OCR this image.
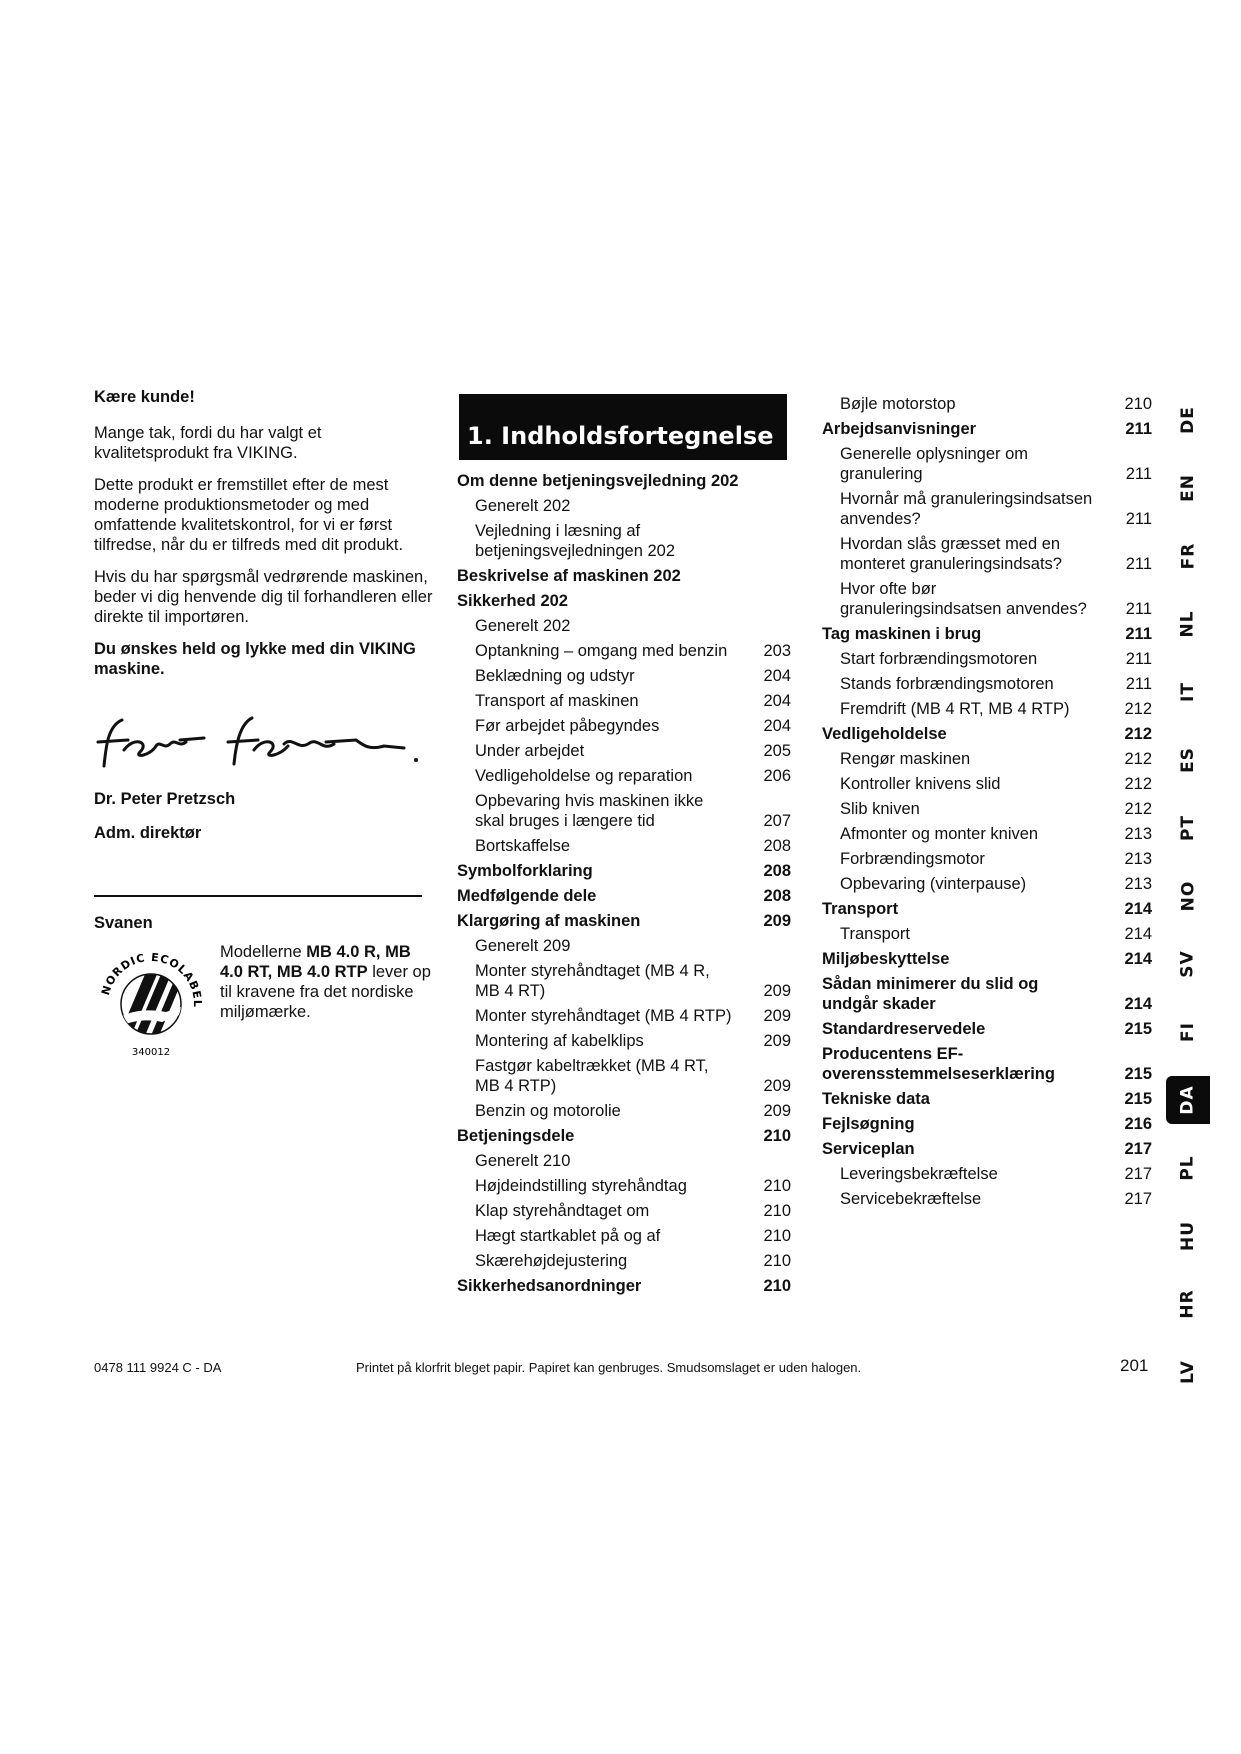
Kære kunde!

Mange tak, fordi du har valgt et kvalitetsprodukt fra VIKING.

Dette produkt er fremstillet efter de mest moderne produktionsmetoder og med omfattende kvalitetskontrol, for vi er først tilfredse, når du er tilfreds med dit produkt.

Hvis du har spørgsmål vedrørende maskinen, beder vi dig henvende dig til forhandleren eller direkte til importøren.

Du ønskes held og lykke med din VIKING maskine.

Dr. Peter Pretzsch
Adm. direktør
Svanen
NORDIC ECOLABEL
340012
Modellerne MB 4.0 R, MB 4.0 RT, MB 4.0 RTP lever op til kravene fra det nordiske miljømærke.
1. Indholdsfortegnelse
Om denne betjeningsvejledning 202
Generelt 202
Vejledning i læsning af
betjeningsvejledningen 202
Beskrivelse af maskinen 202
Sikkerhed 202
Generelt 202
Optankning – omgang med benzin	203
Beklædning og udstyr	204
Transport af maskinen	204
Før arbejdet påbegyndes	204
Under arbejdet	205
Vedligeholdelse og reparation	206
Opbevaring hvis maskinen ikke
skal bruges i længere tid	207
Bortskaffelse	208
Symbolforklaring	208
Medfølgende dele	208
Klargøring af maskinen	209
Generelt 209
Monter styrehåndtaget (MB 4 R,
MB 4 RT)	209
Monter styrehåndtaget (MB 4 RTP)	209
Montering af kabelklips	209
Fastgør kabeltrækket (MB 4 RT,
MB 4 RTP)	209
Benzin og motorolie	209
Betjeningsdele	210
Generelt 210
Højdeindstilling styrehåndtag	210
Klap styrehåndtaget om	210
Hægt startkablet på og af	210
Skærehøjdejustering	210
Sikkerhedsanordninger	210
Bøjle motorstop	210
Arbejdsanvisninger	211
Generelle oplysninger om
granulering	211
Hvornår må granuleringsindsatsen
anvendes?	211
Hvordan slås græsset med en
monteret granuleringsindsats?	211
Hvor ofte bør
granuleringsindsatsen anvendes?	211
Tag maskinen i brug	211
Start forbrændingsmotoren	211
Stands forbrændingsmotoren	211
Fremdrift (MB 4 RT, MB 4 RTP)	212
Vedligeholdelse	212
Rengør maskinen	212
Kontroller knivens slid	212
Slib kniven	212
Afmonter og monter kniven	213
Forbrændingsmotor	213
Opbevaring (vinterpause)	213
Transport	214
Transport	214
Miljøbeskyttelse	214
Sådan minimerer du slid og
undgår skader	214
Standardreservedele	215
Producentens EF-
overensstemmelseserklæring	215
Tekniske data	215
Fejlsøgning	216
Serviceplan	217
Leveringsbekræftelse	217
Servicebekræftelse	217
DE
EN
FR
NL
IT
ES
PT
NO
SV
FI
DA
PL
HU
HR
LV
0478 111 9924 C - DA	Printet på klorfrit bleget papir. Papiret kan genbruges. Smudsomslaget er uden halogen.	201
